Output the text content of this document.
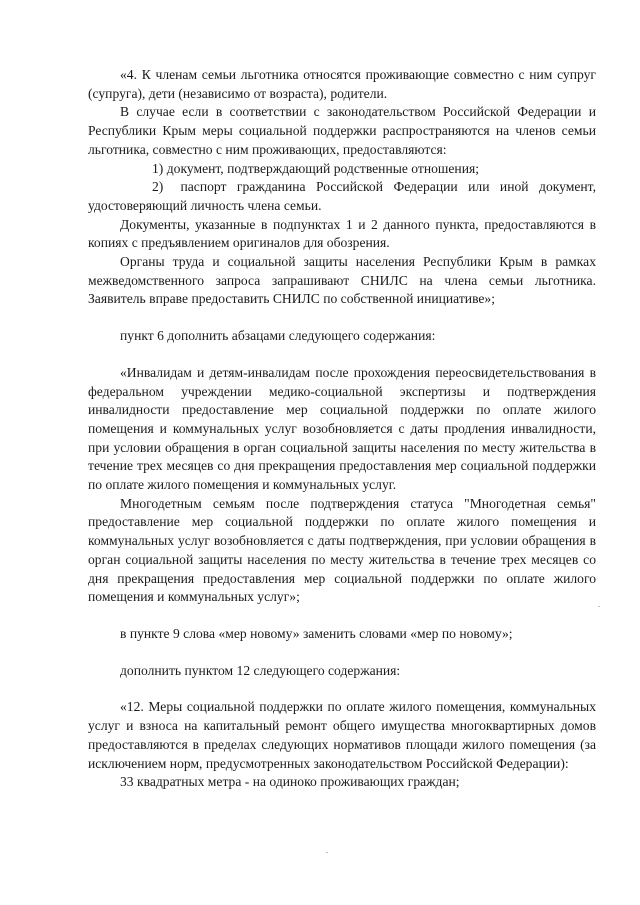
«4. К членам семьи льготника относятся проживающие совместно с ним супруг (супруга), дети (независимо от возраста), родители.

В случае если в соответствии с законодательством Российской Федерации и Республики Крым меры социальной поддержки распространяются на членов семьи льготника, совместно с ним проживающих, предоставляются:

1) документ, подтверждающий родственные отношения;

2) паспорт гражданина Российской Федерации или иной документ, удостоверяющий личность члена семьи.

Документы, указанные в подпунктах 1 и 2 данного пункта, предоставляются в копиях с предъявлением оригиналов для обозрения.

Органы труда и социальной защиты населения Республики Крым в рамках межведомственного запроса запрашивают СНИЛС на члена семьи льготника. Заявитель вправе предоставить СНИЛС по собственной инициативе»;

пункт 6 дополнить абзацами следующего содержания:

«Инвалидам и детям-инвалидам после прохождения переосвидетельствования в федеральном учреждении медико-социальной экспертизы и подтверждения инвалидности предоставление мер социальной поддержки по оплате жилого помещения и коммунальных услуг возобновляется с даты продления инвалидности, при условии обращения в орган социальной защиты населения по месту жительства в течение трех месяцев со дня прекращения предоставления мер социальной поддержки по оплате жилого помещения и коммунальных услуг.

Многодетным семьям после подтверждения статуса "Многодетная семья" предоставление мер социальной поддержки по оплате жилого помещения и коммунальных услуг возобновляется с даты подтверждения, при условии обращения в орган социальной защиты населения по месту жительства в течение трех месяцев со дня прекращения предоставления мер социальной поддержки по оплате жилого помещения и коммунальных услуг»;

в пункте 9 слова «мер новому» заменить словами «мер по новому»;

дополнить пунктом 12 следующего содержания:

«12. Меры социальной поддержки по оплате жилого помещения, коммунальных услуг и взноса на капитальный ремонт общего имущества многоквартирных домов предоставляются в пределах следующих нормативов площади жилого помещения (за исключением норм, предусмотренных законодательством Российской Федерации):

33 квадратных метра - на одиноко проживающих граждан;
